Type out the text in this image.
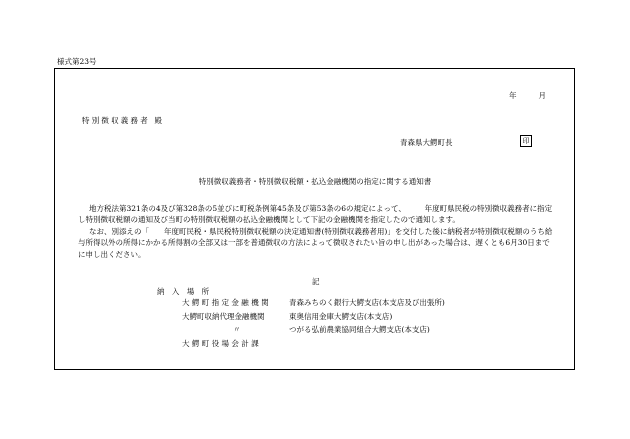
様式第23号
年	月
特別徴収義務者 殿
青森県大鰐町長	印
特別徴収義務者・特別徴収税額・払込金融機関の指定に関する通知書

地方税法第321条の4及び第328条の5並びに町税条例第45条及び第53条の6の規定によって、　　　年度町県民税の特別徴収義務者に指定し特別徴収税額の通知及び当町の特別徴収税額の払込金融機関として下記の金融機関を指定したので通知します。

なお、別添えの「　　年度町民税・県民税特別徴収税額の決定通知書(特別徴収義務者用)」を交付した後に納税者が特別徴収税額のうち給与所得以外の所得にかかる所得割の全部又は一部を普通徴収の方法によって徴収されたい旨の申し出があった場合は、遅くとも6月30日までに申し出ください。

記
納 入 場 所
大 鰐 町 指 定 金 融 機 関	青森みちのく銀行大鰐支店(本支店及び出張所)
大鰐町収納代理金融機関	東奥信用金庫大鰐支店(本支店)
〃	つがる弘前農業協同組合大鰐支店(本支店)
大 鰐 町 役 場 会 計 課
